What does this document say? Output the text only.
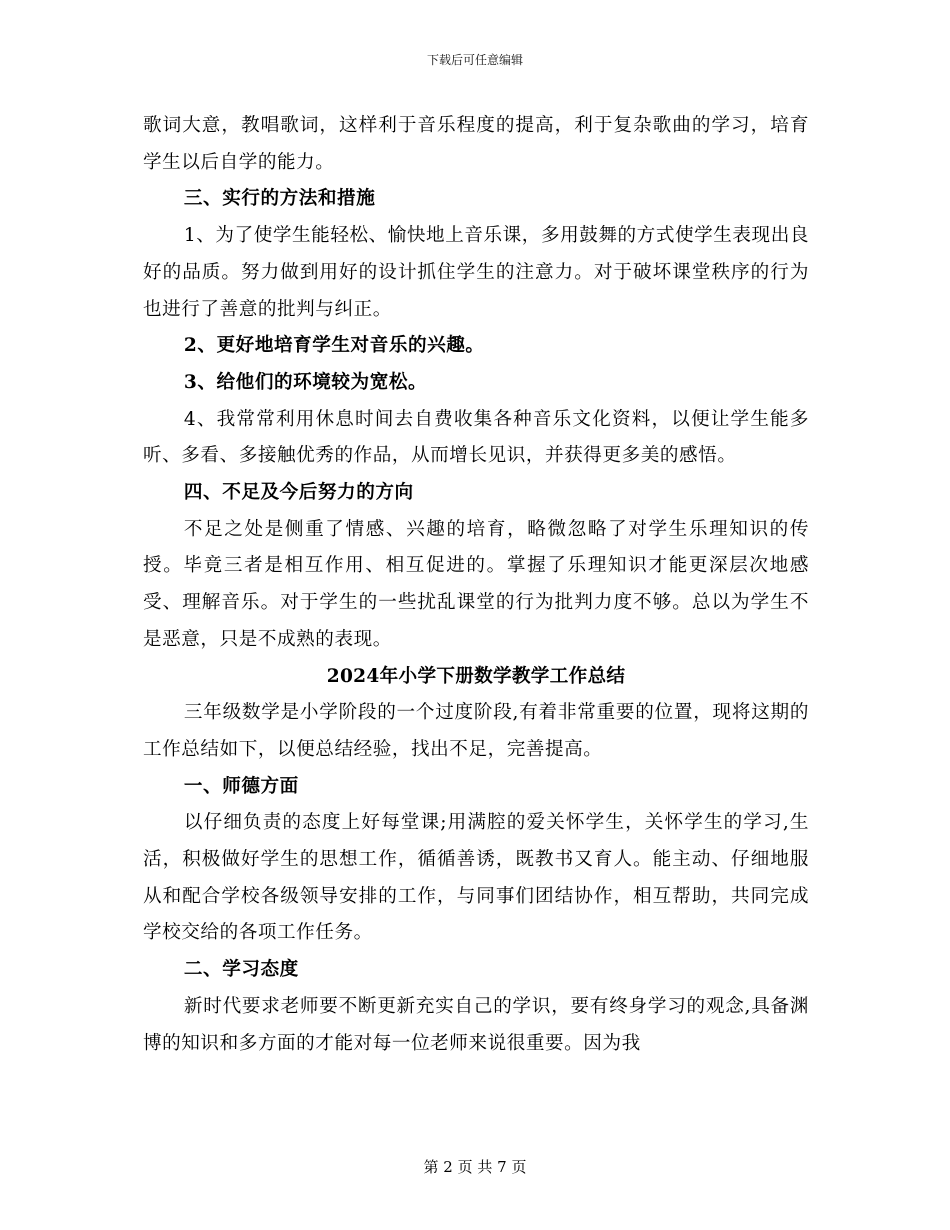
下载后可任意编辑

歌词大意，教唱歌词，这样利于音乐程度的提高，利于复杂歌曲的学习，培育学生以后自学的能力。

三、实行的方法和措施

1、为了使学生能轻松、愉快地上音乐课，多用鼓舞的方式使学生表现出良好的品质。努力做到用好的设计抓住学生的注意力。对于破坏课堂秩序的行为也进行了善意的批判与纠正。

2、更好地培育学生对音乐的兴趣。

3、给他们的环境较为宽松。

4、我常常利用休息时间去自费收集各种音乐文化资料，以便让学生能多听、多看、多接触优秀的作品，从而增长见识，并获得更多美的感悟。

四、不足及今后努力的方向

不足之处是侧重了情感、兴趣的培育，略微忽略了对学生乐理知识的传授。毕竟三者是相互作用、相互促进的。掌握了乐理知识才能更深层次地感受、理解音乐。对于学生的一些扰乱课堂的行为批判力度不够。总以为学生不是恶意，只是不成熟的表现。

2024年小学下册数学教学工作总结

三年级数学是小学阶段的一个过度阶段,有着非常重要的位置，现将这期的工作总结如下，以便总结经验，找出不足，完善提高。

一、师德方面

以仔细负责的态度上好每堂课;用满腔的爱关怀学生，关怀学生的学习,生活，积极做好学生的思想工作，循循善诱，既教书又育人。能主动、仔细地服从和配合学校各级领导安排的工作，与同事们团结协作，相互帮助，共同完成学校交给的各项工作任务。

二、学习态度

新时代要求老师要不断更新充实自己的学识，要有终身学习的观念,具备渊博的知识和多方面的才能对每一位老师来说很重要。因为我

第 2 页 共 7 页
